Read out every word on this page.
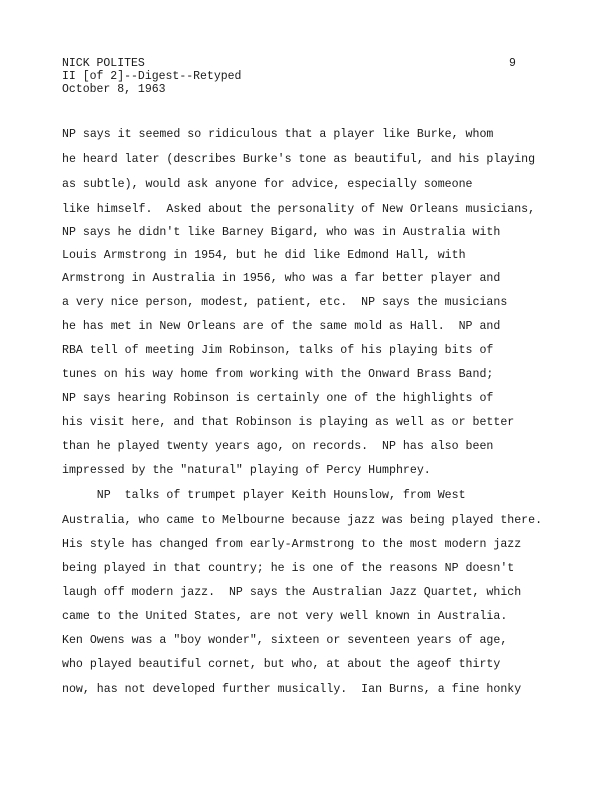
NICK POLITES
II [of 2]--Digest--Retyped
October 8, 1963
9
NP says it seemed so ridiculous that a player like Burke, whom
he heard later (describes Burke's tone as beautiful, and his playing
as subtle), would ask anyone for advice, especially someone
like himself.  Asked about the personality of New Orleans musicians,
NP says he didn't like Barney Bigard, who was in Australia with
Louis Armstrong in 1954, but he did like Edmond Hall, with
Armstrong in Australia in 1956, who was a far better player and
a very nice person, modest, patient, etc.  NP says the musicians
he has met in New Orleans are of the same mold as Hall.  NP and
RBA tell of meeting Jim Robinson, talks of his playing bits of
tunes on his way home from working with the Onward Brass Band;
NP says hearing Robinson is certainly one of the highlights of
his visit here, and that Robinson is playing as well as or better
than he played twenty years ago, on records.  NP has also been
impressed by the "natural" playing of Percy Humphrey.
NP  talks of trumpet player Keith Hounslow, from West
Australia, who came to Melbourne because jazz was being played there.
His style has changed from early-Armstrong to the most modern jazz
being played in that country; he is one of the reasons NP doesn't
laugh off modern jazz.  NP says the Australian Jazz Quartet, which
came to the United States, are not very well known in Australia.
Ken Owens was a "boy wonder", sixteen or seventeen years of age,
who played beautiful cornet, but who, at about the ageof thirty
now, has not developed further musically.  Ian Burns, a fine honky
